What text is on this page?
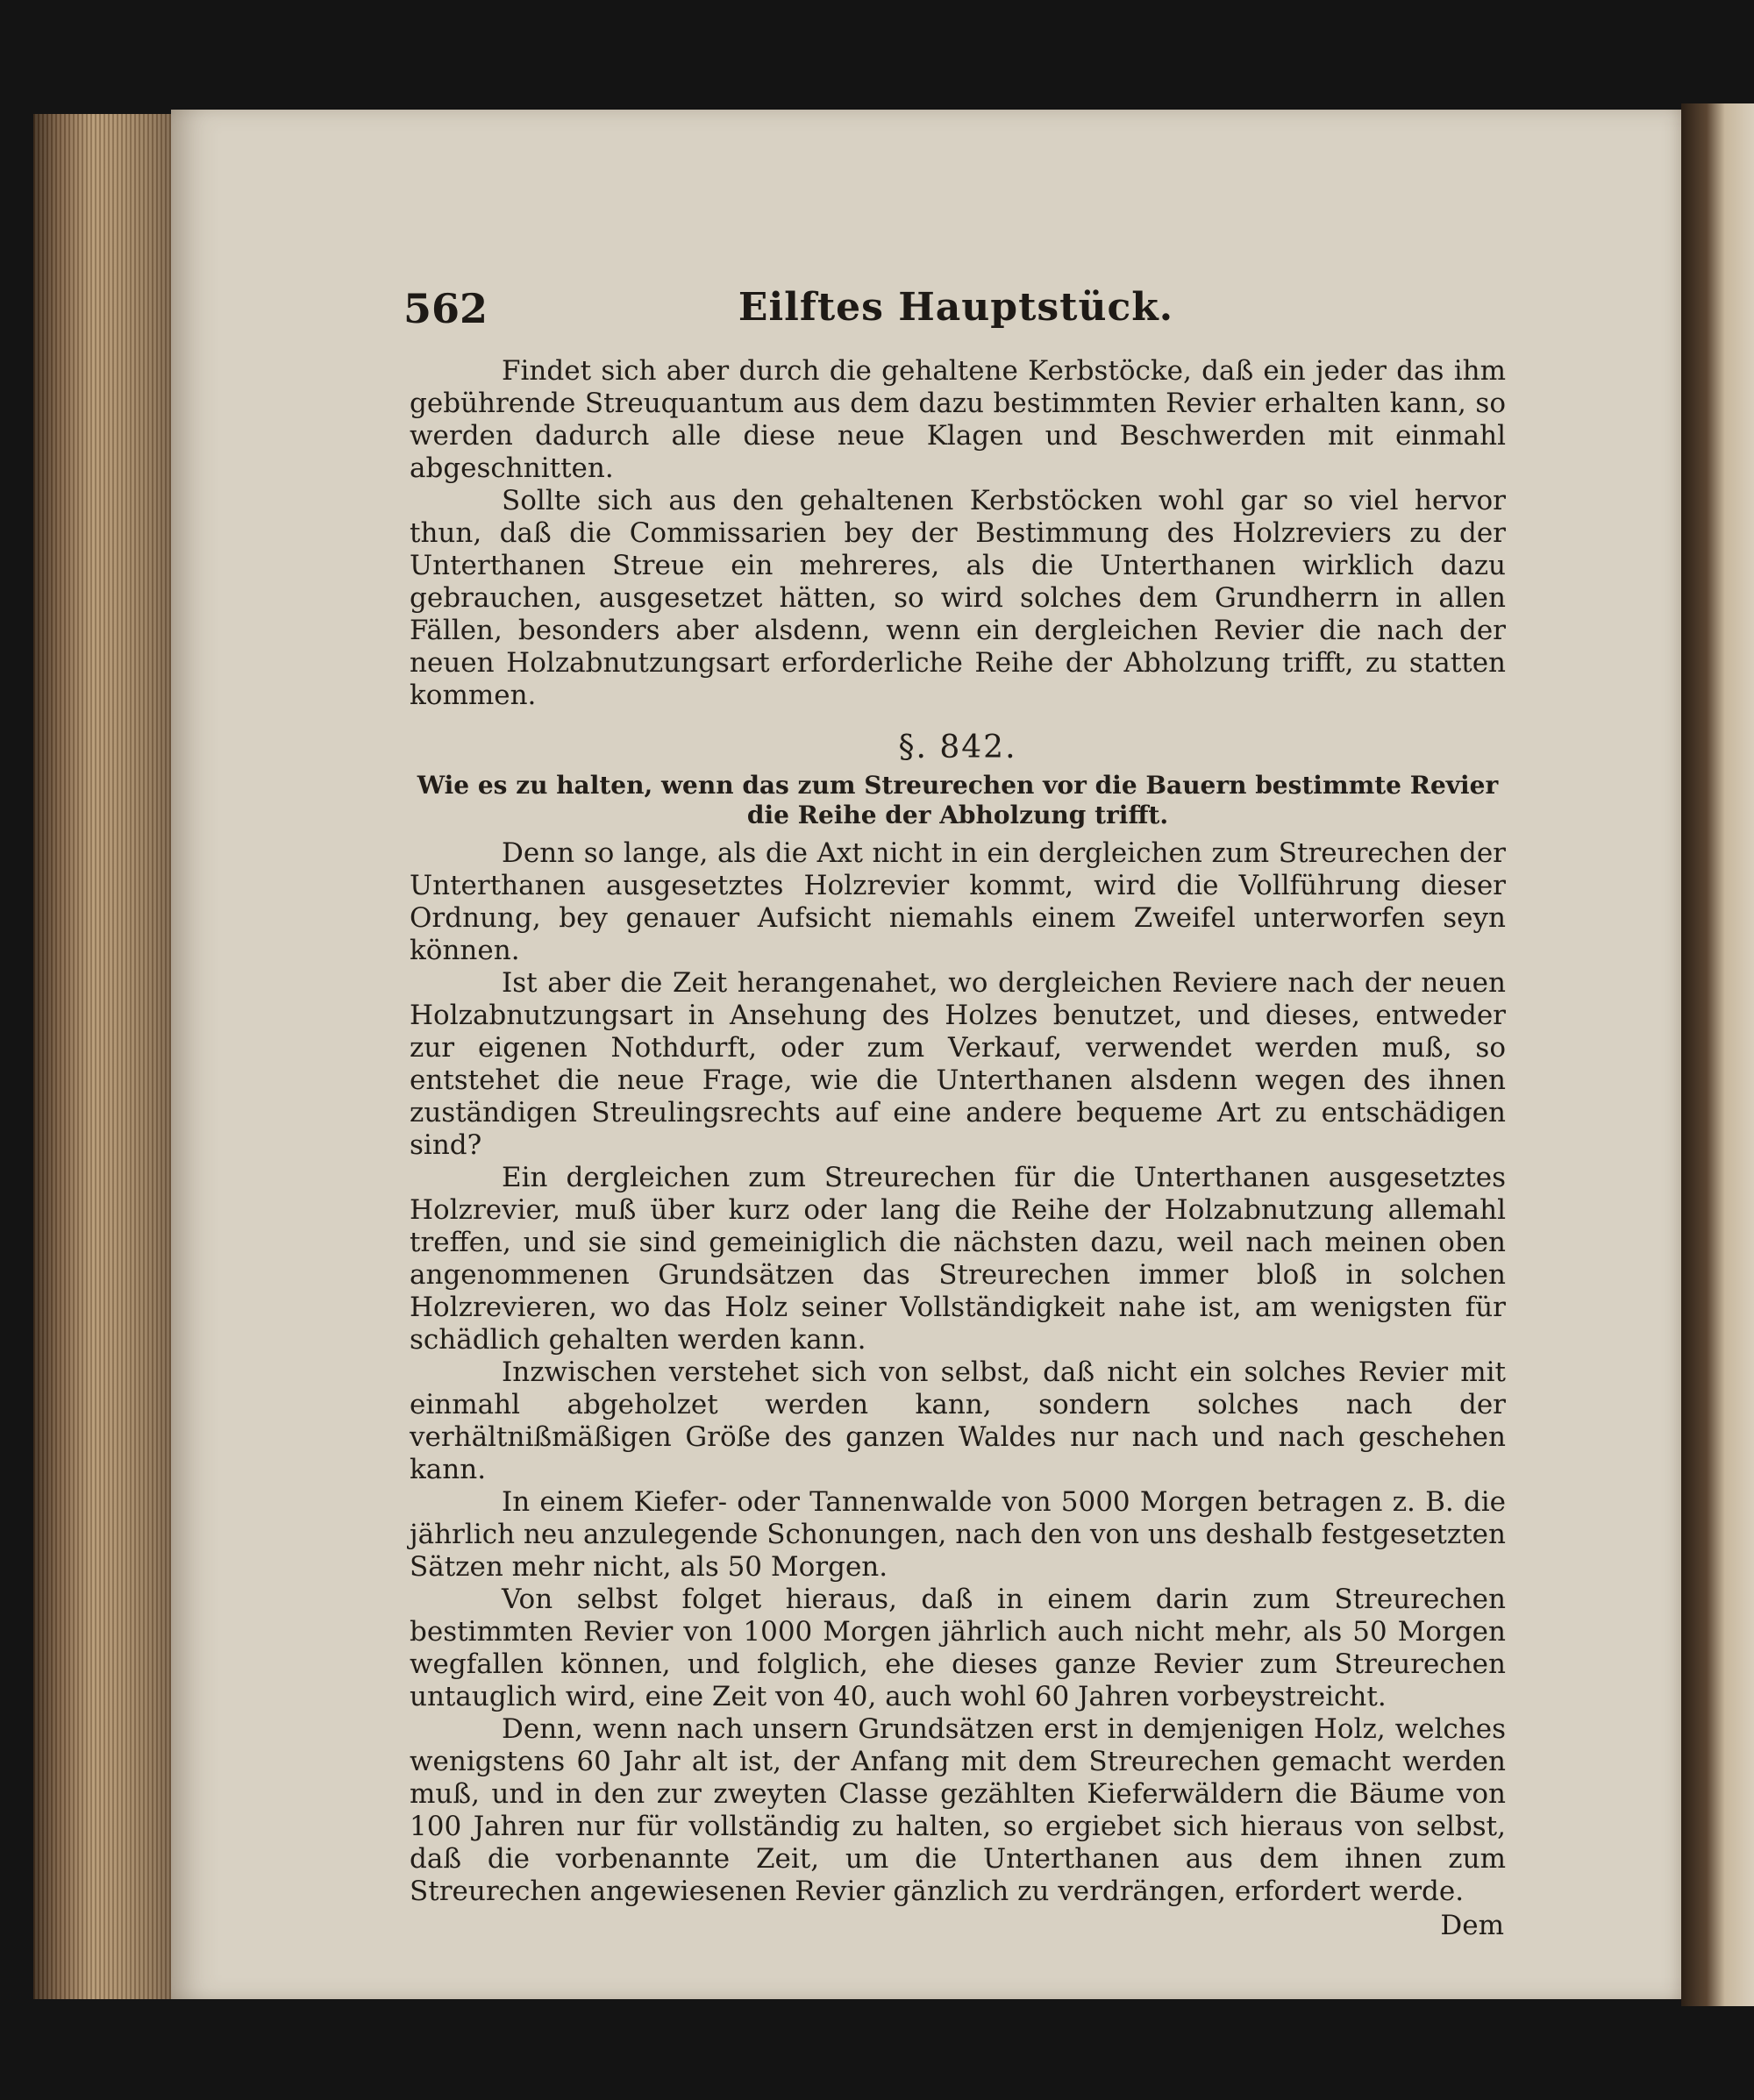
562	Eilftes Hauptstück.

Findet sich aber durch die gehaltene Kerbstöcke, daß ein jeder das ihm gebührende Streuquantum aus dem dazu bestimmten Revier erhalten kann, so werden dadurch alle diese neue Klagen und Beschwerden mit einmahl abgeschnitten.

Sollte sich aus den gehaltenen Kerbstöcken wohl gar so viel hervor thun, daß die Commissarien bey der Bestimmung des Holzreviers zu der Unterthanen Streue ein mehreres, als die Unterthanen wirklich dazu gebrauchen, ausgesetzet hätten, so wird solches dem Grundherrn in allen Fällen, besonders aber alsdenn, wenn ein dergleichen Revier die nach der neuen Holzabnutzungsart erforderliche Reihe der Abholzung trifft, zu statten kommen.

§. 842.
Wie es zu halten, wenn das zum Streurechen vor die Bauern bestimmte Revier
die Reihe der Abholzung trifft.

Denn so lange, als die Axt nicht in ein dergleichen zum Streurechen der Unterthanen ausgesetztes Holzrevier kommt, wird die Vollführung dieser Ordnung, bey genauer Aufsicht niemahls einem Zweifel unterworfen seyn können.

Ist aber die Zeit herangenahet, wo dergleichen Reviere nach der neuen Holzabnutzungsart in Ansehung des Holzes benutzet, und dieses, entweder zur eigenen Nothdurft, oder zum Verkauf, verwendet werden muß, so entstehet die neue Frage, wie die Unterthanen alsdenn wegen des ihnen zuständigen Streulingsrechts auf eine andere bequeme Art zu entschädigen sind?

Ein dergleichen zum Streurechen für die Unterthanen ausgesetztes Holzrevier, muß über kurz oder lang die Reihe der Holzabnutzung allemahl treffen, und sie sind gemeiniglich die nächsten dazu, weil nach meinen oben angenommenen Grundsätzen das Streurechen immer bloß in solchen Holzrevieren, wo das Holz seiner Vollständigkeit nahe ist, am wenigsten für schädlich gehalten werden kann.

Inzwischen verstehet sich von selbst, daß nicht ein solches Revier mit einmahl abgeholzet werden kann, sondern solches nach der verhältnißmäßigen Größe des ganzen Waldes nur nach und nach geschehen kann.

In einem Kiefer- oder Tannenwalde von 5000 Morgen betragen z. B. die jährlich neu anzulegende Schonungen, nach den von uns deshalb festgesetzten Sätzen mehr nicht, als 50 Morgen.

Von selbst folget hieraus, daß in einem darin zum Streurechen bestimmten Revier von 1000 Morgen jährlich auch nicht mehr, als 50 Morgen wegfallen können, und folglich, ehe dieses ganze Revier zum Streurechen untauglich wird, eine Zeit von 40, auch wohl 60 Jahren vorbeystreicht.

Denn, wenn nach unsern Grundsätzen erst in demjenigen Holz, welches wenigstens 60 Jahr alt ist, der Anfang mit dem Streurechen gemacht werden muß, und in den zur zweyten Classe gezählten Kieferwäldern die Bäume von 100 Jahren nur für vollständig zu halten, so ergiebet sich hieraus von selbst, daß die vorbenannte Zeit, um die Unterthanen aus dem ihnen zum Streurechen angewiesenen Revier gänzlich zu verdrängen, erfordert werde.

Dem
